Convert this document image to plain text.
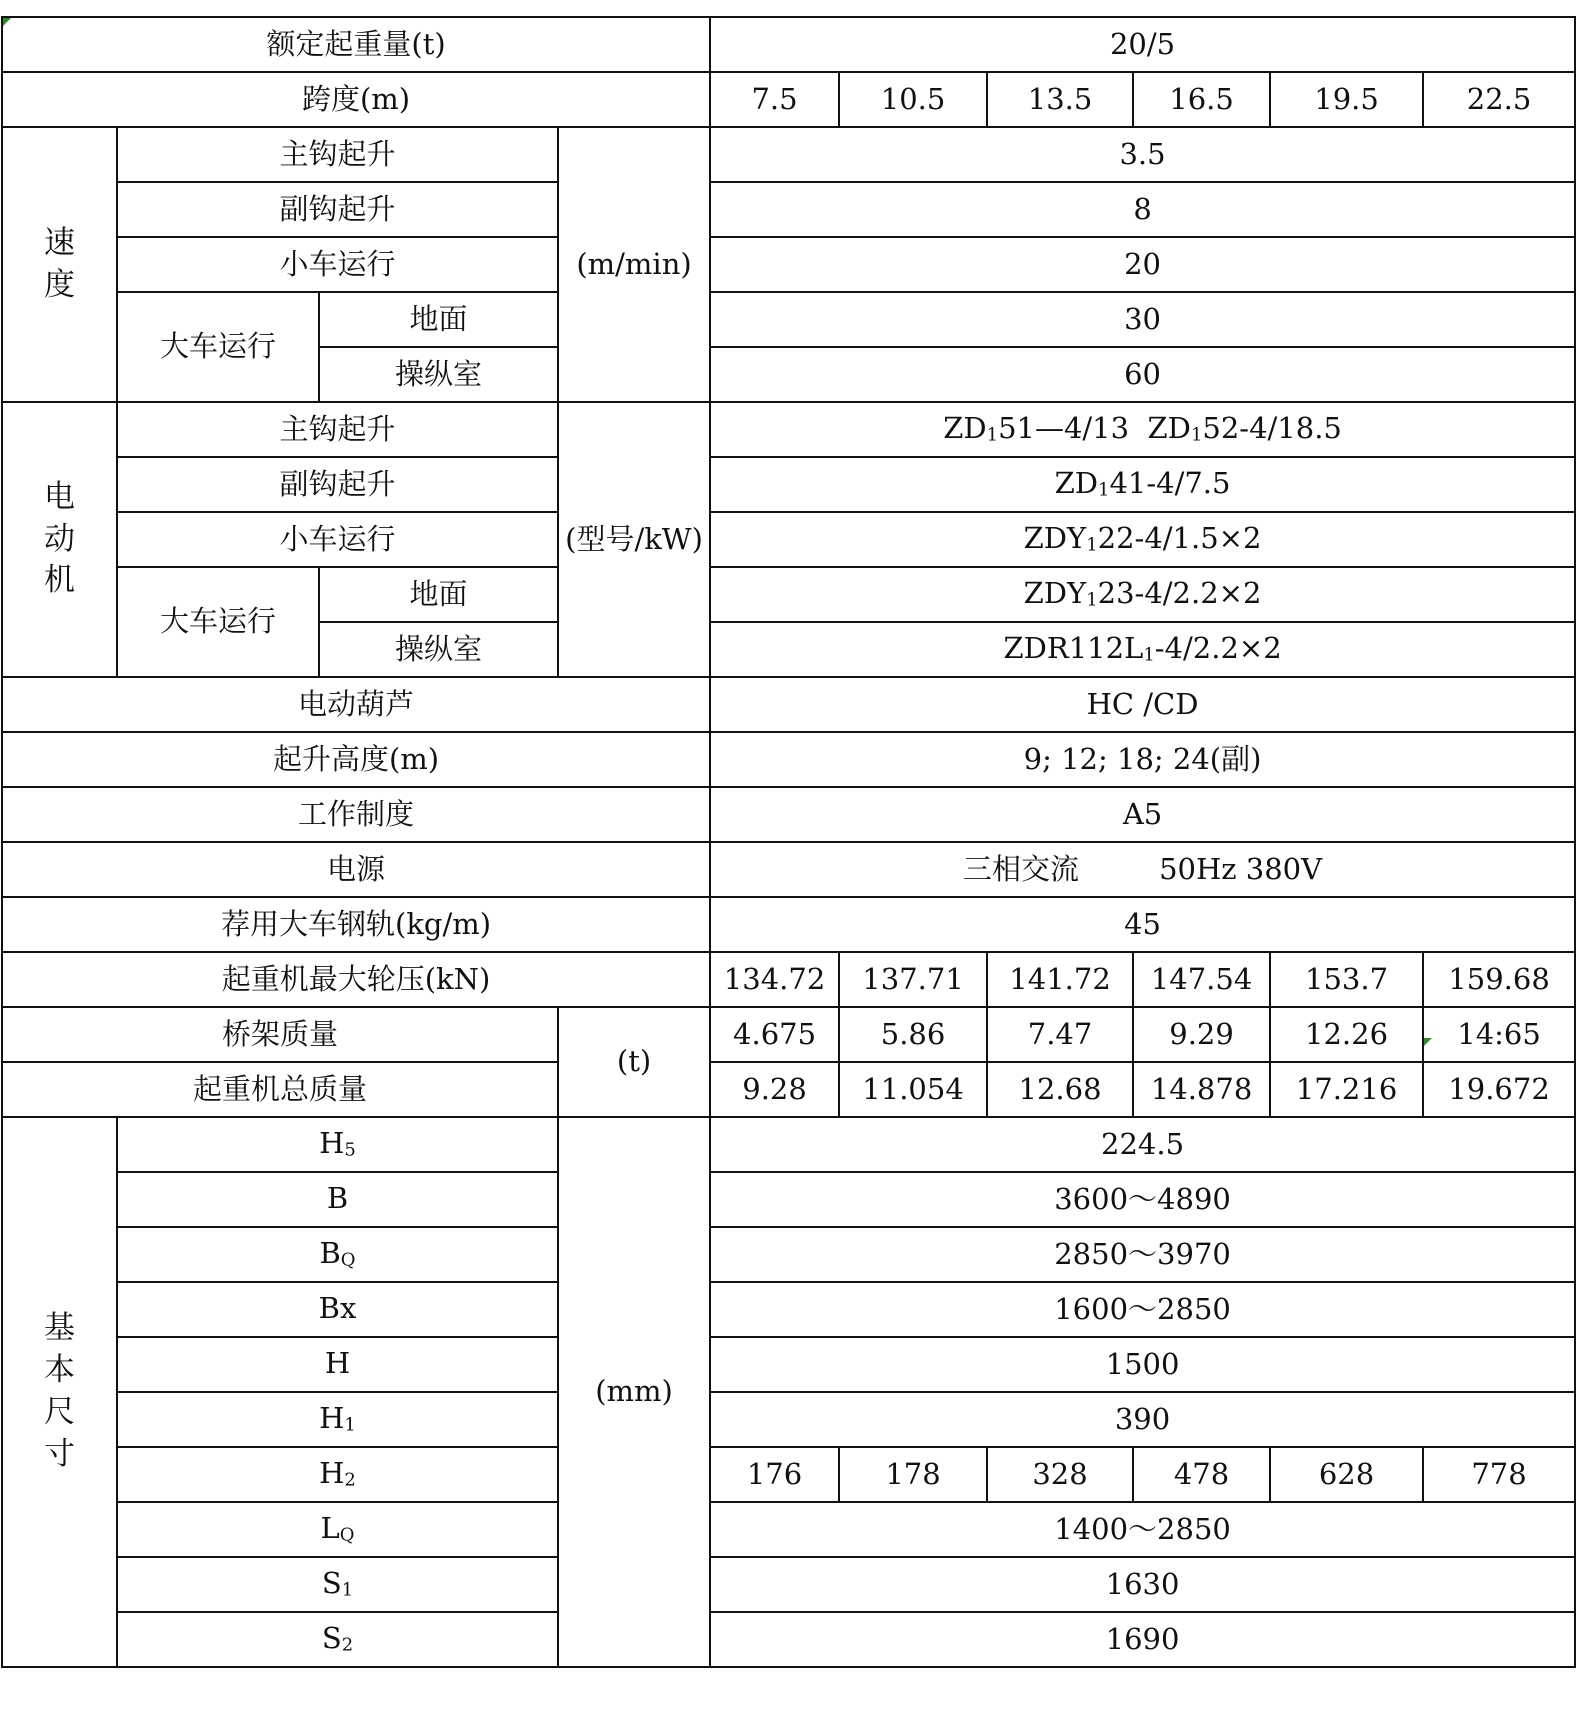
额定起重量(t)				20/5					
跨度(m)				7.5	10.5	13.5	16.5	19.5	22.5

速
度	主钩起升		(m/min)	3.5					
	副钩起升			8					
	小车运行			20					
	大车运行	地面		30					
		操纵室		60					

电
动
机	主钩起升		(型号/kW)	$ZD_151—4/13$ $ZD_152-4/18.5$					
	副钩起升			$ZD_141-4/7.5$					
	小车运行			$ZDY_122-4/1.5\times 2$					
	大车运行	地面		$ZDY_123-4/2.2\times 2$					
		操纵室		$ZDR112L_1-4/2.2\times 2$					
电动葫芦				HC /CD					
起升高度(m)				9; 12; 18; 24(副)					
工作制度				A5					
电源				三相交流 50Hz 380V					
荐用大车钢轨(kg/m)				45					
起重机最大轮压(kN)				134.72	137.71	141.72	147.54	153.7	159.68
桥架质量			(t)	4.675	5.86	7.47	9.29	12.26	14:65
起重机总质量				9.28	11.054	12.68	14.878	17.216	19.672

基
本
尺
寸	$H_5$		(mm)	224.5					
	B			3600～4890					
	$B_Q$			2850～3970					
	Bx			1600～2850					
	H			1500					
	$H_1$			390					
	$H_2$			176	178	328	478	628	778
	$L_Q$			1400～2850					
	$S_1$			1630					
	$S_2$			1690					
